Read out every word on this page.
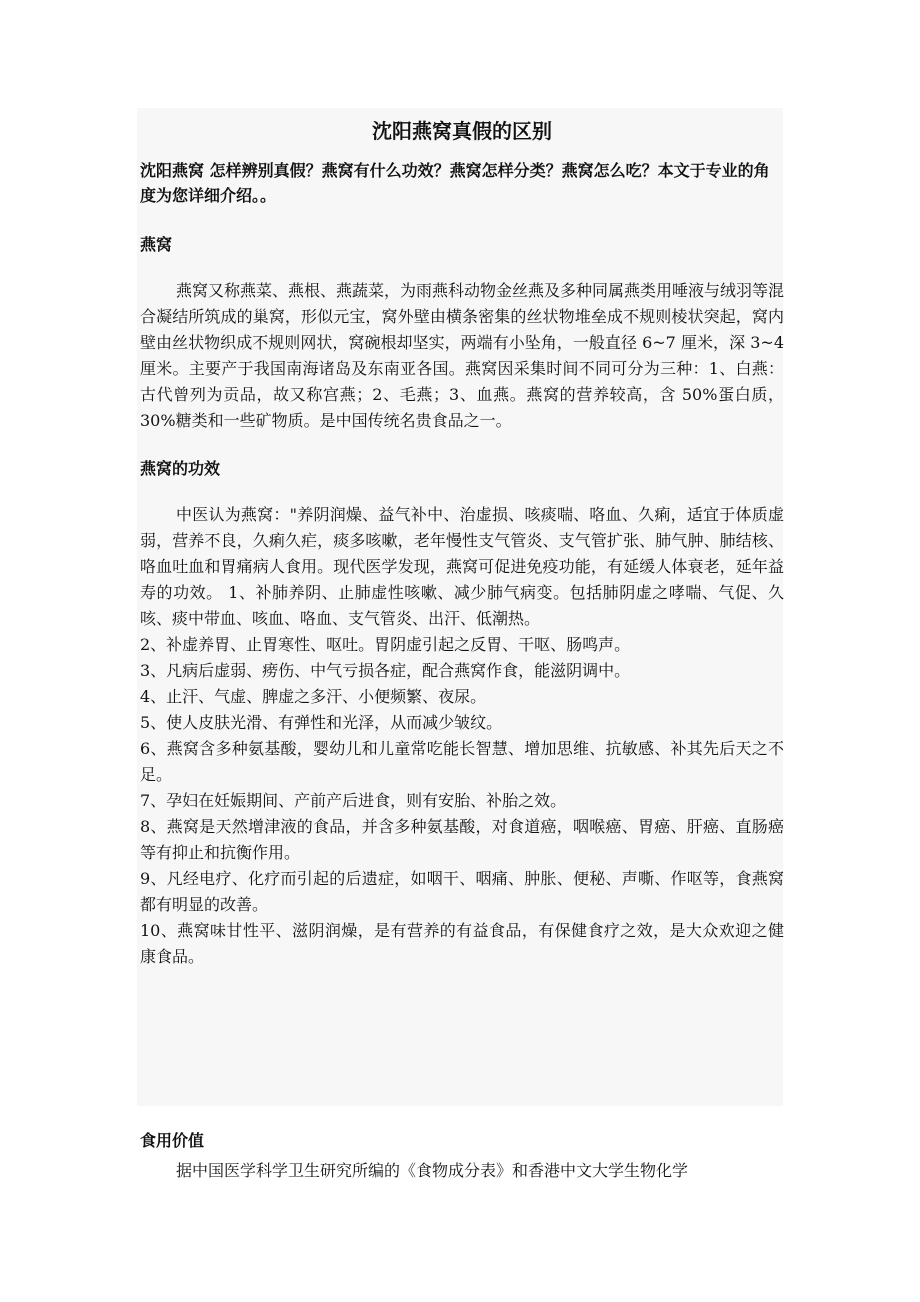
沈阳燕窝真假的区别
沈阳燕窝 怎样辨别真假？燕窝有什么功效？燕窝怎样分类？燕窝怎么吃？本文于专业的角度为您详细介绍。。
燕窝
燕窝又称燕菜、燕根、燕蔬菜，为雨燕科动物金丝燕及多种同属燕类用唾液与绒羽等混合凝结所筑成的巢窝，形似元宝，窝外壁由横条密集的丝状物堆垒成不规则棱状突起，窝内壁由丝状物织成不规则网状，窝碗根却坚实，两端有小坠角，一般直径 6~7 厘米，深 3~4 厘米。主要产于我国南海诸岛及东南亚各国。燕窝因采集时间不同可分为三种：1、白燕：古代曾列为贡品，故又称宫燕；2、毛燕；3、血燕。燕窝的营养较高，含 50%蛋白质，30%糖类和一些矿物质。是中国传统名贵食品之一。
燕窝的功效
中医认为燕窝："养阴润燥、益气补中、治虚损、咳痰喘、咯血、久痢，适宜于体质虚弱，营养不良，久痢久疟，痰多咳嗽，老年慢性支气管炎、支气管扩张、肺气肿、肺结核、咯血吐血和胃痛病人食用。现代医学发现，燕窝可促进免疫功能，有延缓人体衰老，延年益寿的功效。 1、补肺养阴、止肺虚性咳嗽、减少肺气病变。包括肺阴虚之哮喘、气促、久咳、痰中带血、咳血、咯血、支气管炎、出汗、低潮热。
2、补虚养胃、止胃寒性、呕吐。胃阴虚引起之反胃、干呕、肠鸣声。
3、凡病后虚弱、痨伤、中气亏损各症，配合燕窝作食，能滋阴调中。
4、止汗、气虚、脾虚之多汗、小便频繁、夜尿。
5、使人皮肤光滑、有弹性和光泽，从而减少皱纹。
6、燕窝含多种氨基酸，婴幼儿和儿童常吃能长智慧、增加思维、抗敏感、补其先后天之不足。
7、孕妇在妊娠期间、产前产后进食，则有安胎、补胎之效。
8、燕窝是天然增津液的食品，并含多种氨基酸，对食道癌，咽喉癌、胃癌、肝癌、直肠癌等有抑止和抗衡作用。
9、凡经电疗、化疗而引起的后遗症，如咽干、咽痛、肿胀、便秘、声嘶、作呕等，食燕窝都有明显的改善。
10、燕窝味甘性平、滋阴润燥，是有营养的有益食品，有保健食疗之效，是大众欢迎之健康食品。
食用价值
据中国医学科学卫生研究所编的《食物成分表》和香港中文大学生物化学
